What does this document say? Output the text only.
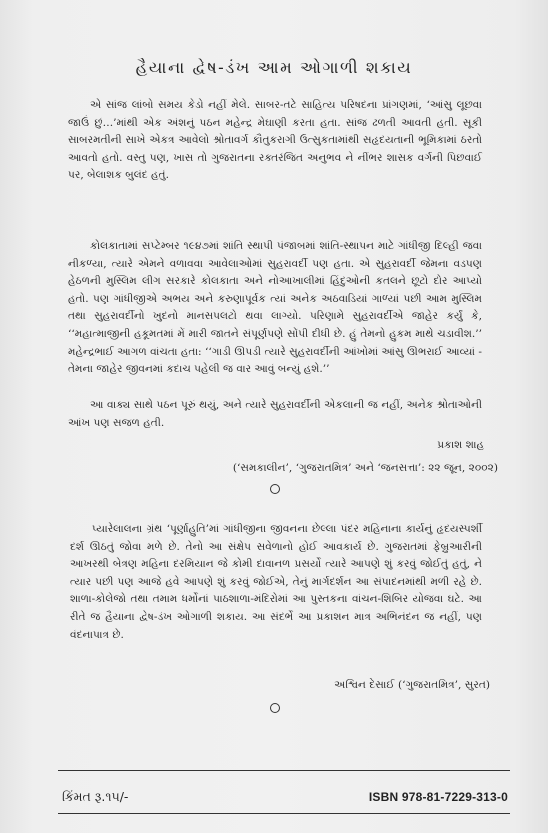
હૈયાના દ્વેષ-ડંખ આમ ઓગાળી શકાય

એ સાંજ લાંબો સમય કેડો નહીં મેલે. સાબર-તટે સાહિત્ય પરિષદના પ્રાંગણમાં, ‘આંસુ લૂછવા જાઉં છું…’માંથી એક અંશનું પઠન મહેન્દ્ર મેઘાણી કરતા હતા. સાંજ ઢળતી આવતી હતી. સૂકી સાબરમતીની સાખે એકત્ર આવેલો શ્રોતાવર્ગ કૌતુકરાગી ઉત્સુકતામાંથી સહૃદયતાની ભૂમિકામાં ઠરતો આવતો હતો. વસ્તુ પણ, ખાસ તો ગુજરાતના રક્તરંજિત અનુભવ ને નીંભર શાસક વર્ગની પિછવાઈ પર, બેલાશક બુલંદ હતું.

કોલકાતામાં સપ્ટેમ્બર ૧૯૪૭માં શાંતિ સ્થાપી પંજાબમાં શાંતિ-સ્થાપન માટે ગાંધીજી દિલ્હી જવા નીકળ્યા, ત્યારે એમને વળાવવા આવેલાઓમાં સુહરાવર્દી પણ હતા. એ સુહરાવર્દી જેમના વડપણ હેઠળની મુસ્લિમ લીગ સરકારે કોલકાતા અને નોઆખાલીમાં હિંદુઓની કતલને છૂટો દોર આપ્યો હતો. પણ ગાંધીજીએ અભય અને કરુણાપૂર્વક ત્યાં અનેક અઠવાડિયાં ગાળ્યાં પછી આમ મુસ્લિમ તથા સુહરાવર્દીનો ખુદનો માનસપલટો થવા લાગ્યો. પરિણામે સુહરાવર્દીએ જાહેર કર્યું કે, ‘‘મહાત્માજીની હકૂમતમાં મેં મારી જાતને સંપૂર્ણપણે સોંપી દીધી છે. હું તેમનો હુકમ માથે ચડાવીશ.’’ મહેન્દ્રભાઈ આગળ વાંચતા હતા: ‘‘ગાડી ઊપડી ત્યારે સુહરાવર્દીની આંખોમાં આંસુ ઊભરાઈ આવ્યાં - તેમના જાહેર જીવનમાં કદાચ પહેલી જ વાર આવું બન્યું હશે.’’

આ વાક્ય સાથે પઠન પૂરું થયું, અને ત્યારે સુહરાવર્દીની એકલાની જ નહીં, અનેક શ્રોતાઓની આંખ પણ સજળ હતી.

પ્રકાશ શાહ
(‘સમકાલીન’, ‘ગુજરાતમિત્ર’ અને ‘જનસત્તા’: ૨૨ જૂન, ૨૦૦૨)

પ્યારેલાલના ગ્રંથ ‘પૂર્ણાહુતિ’માં ગાંધીજીના જીવનના છેલ્લા પંદર મહિનાના કાર્યનું હૃદયસ્પર્શી દર્શ ઊઠતું જોવા મળે છે. તેનો આ સંક્ષેપ સવેળાનો હોઈ આવકાર્ય છે. ગુજરાતમાં ફેબ્રુઆરીની આખરથી બેત્રણ મહિના દરમિયાન જે કોમી દાવાનળ પ્રસર્યો ત્યારે આપણે શું કરવું જોઈતું હતું, ને ત્યાર પછી પણ આજે હવે આપણે શું કરવું જોઈએ, તેનું માર્ગદર્શન આ સંપાદનમાંથી મળી રહે છે. શાળા-કોલેજો તથા તમામ ધર્મોનાં પાઠશાળા-મંદિરોમાં આ પુસ્તકના વાંચન-શિબિર યોજવા ઘટે. આ રીતે જ હૈયાના દ્વેષ-ડંખ ઓગાળી શકાય. આ સંદર્ભે આ પ્રકાશન માત્ર અભિનંદન જ નહીં, પણ વંદનાપાત્ર છે.

અશ્વિન દેસાઈ (‘ગુજરાતમિત્ર’, સુરત)
કિંમત રૂ.૧૫/-	ISBN 978-81-7229-313-0
